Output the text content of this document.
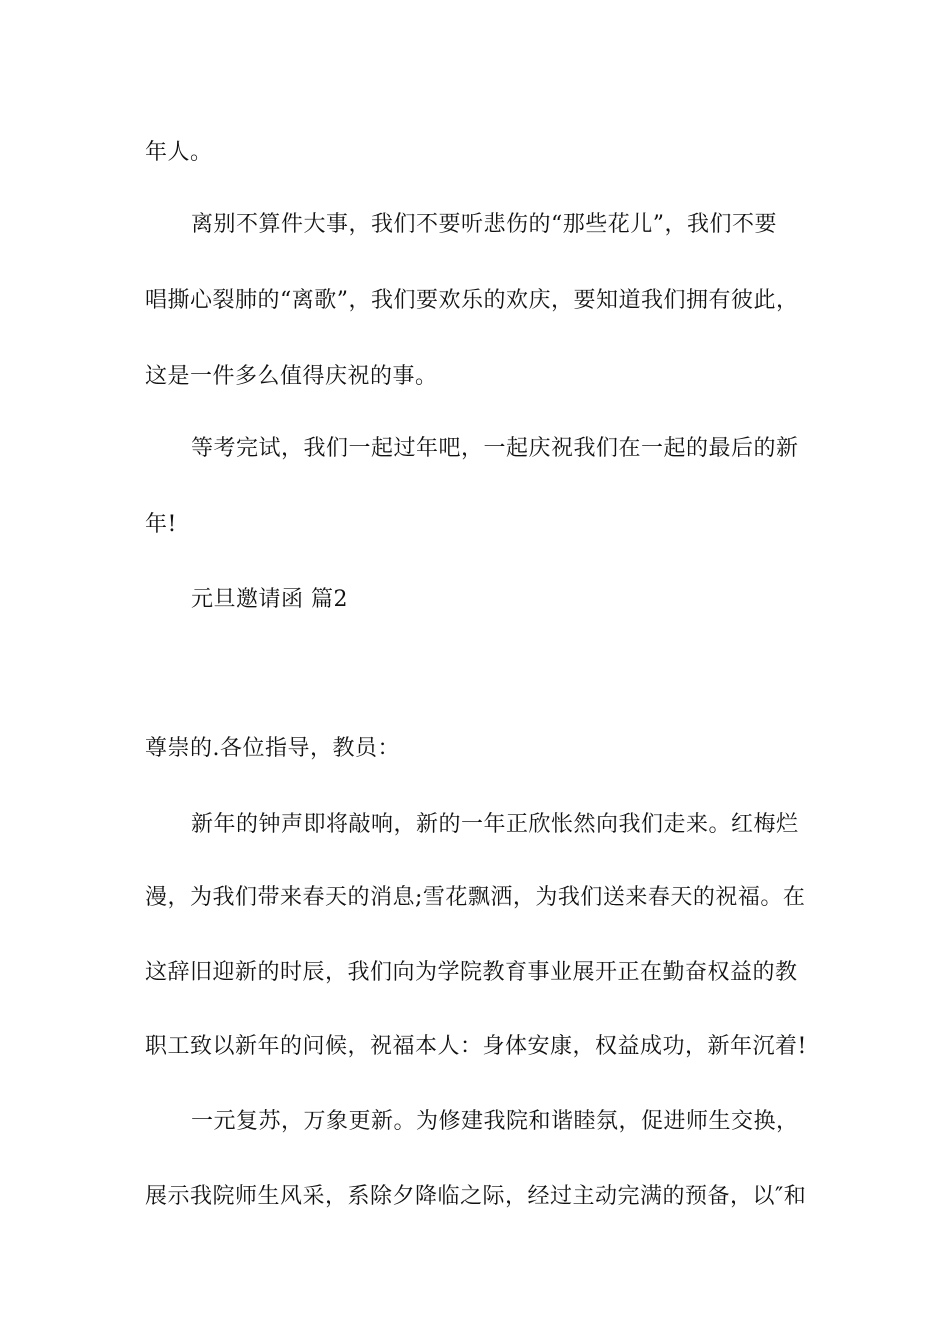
年人。
离别不算件大事，我们不要听悲伤的“那些花儿”，我们不要
唱撕心裂肺的“离歌”，我们要欢乐的欢庆，要知道我们拥有彼此，
这是一件多么值得庆祝的事。
等考完试，我们一起过年吧，一起庆祝我们在一起的最后的新
年!
元旦邀请函 篇2
尊崇的.各位指导，教员：
新年的钟声即将敲响，新的一年正欣怅然向我们走来。红梅烂
漫，为我们带来春天的消息;雪花飘洒，为我们送来春天的祝福。在
这辞旧迎新的时辰，我们向为学院教育事业展开正在勤奋权益的教
职工致以新年的问候，祝福本人：身体安康，权益成功，新年沉着!
一元复苏，万象更新。为修建我院和谐睦氛，促进师生交换，
展示我院师生风采，系除夕降临之际，经过主动完满的预备，以″和
